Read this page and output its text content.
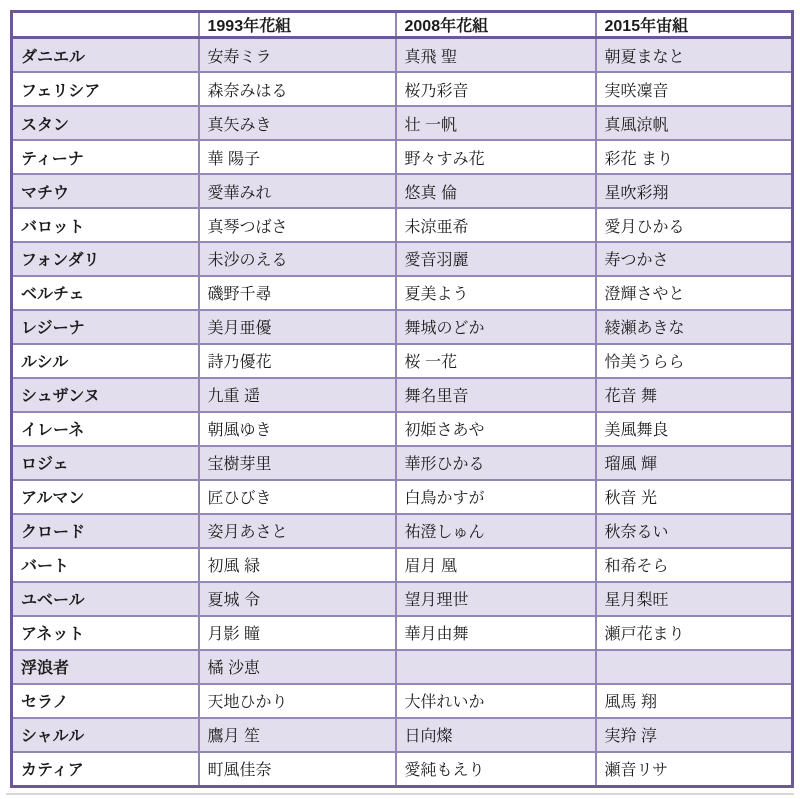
	1993年花組	2008年花組	2015年宙組
ダニエル	安寿ミラ	真飛 聖	朝夏まなと
フェリシア	森奈みはる	桜乃彩音	実咲凜音
スタン	真矢みき	壮 一帆	真風涼帆
ティーナ	華 陽子	野々すみ花	彩花 まり
マチウ	愛華みれ	悠真 倫	星吹彩翔
バロット	真琴つばさ	未涼亜希	愛月ひかる
フォンダリ	未沙のえる	愛音羽麗	寿つかさ
ベルチェ	磯野千尋	夏美よう	澄輝さやと
レジーナ	美月亜優	舞城のどか	綾瀬あきな
ルシル	詩乃優花	桜 一花	怜美うらら
シュザンヌ	九重 遥	舞名里音	花音 舞
イレーネ	朝風ゆき	初姫さあや	美風舞良
ロジェ	宝樹芽里	華形ひかる	瑠風 輝
アルマン	匠ひびき	白鳥かすが	秋音 光
クロード	姿月あさと	祐澄しゅん	秋奈るい
バート	初風 緑	眉月 凰	和希そら
ユベール	夏城 令	望月理世	星月梨旺
アネット	月影 瞳	華月由舞	瀬戸花まり
浮浪者	橘 沙恵		
セラノ	天地ひかり	大伴れいか	風馬 翔
シャルル	鷹月 笙	日向燦	実羚 淳
カティア	町風佳奈	愛純もえり	瀬音リサ
